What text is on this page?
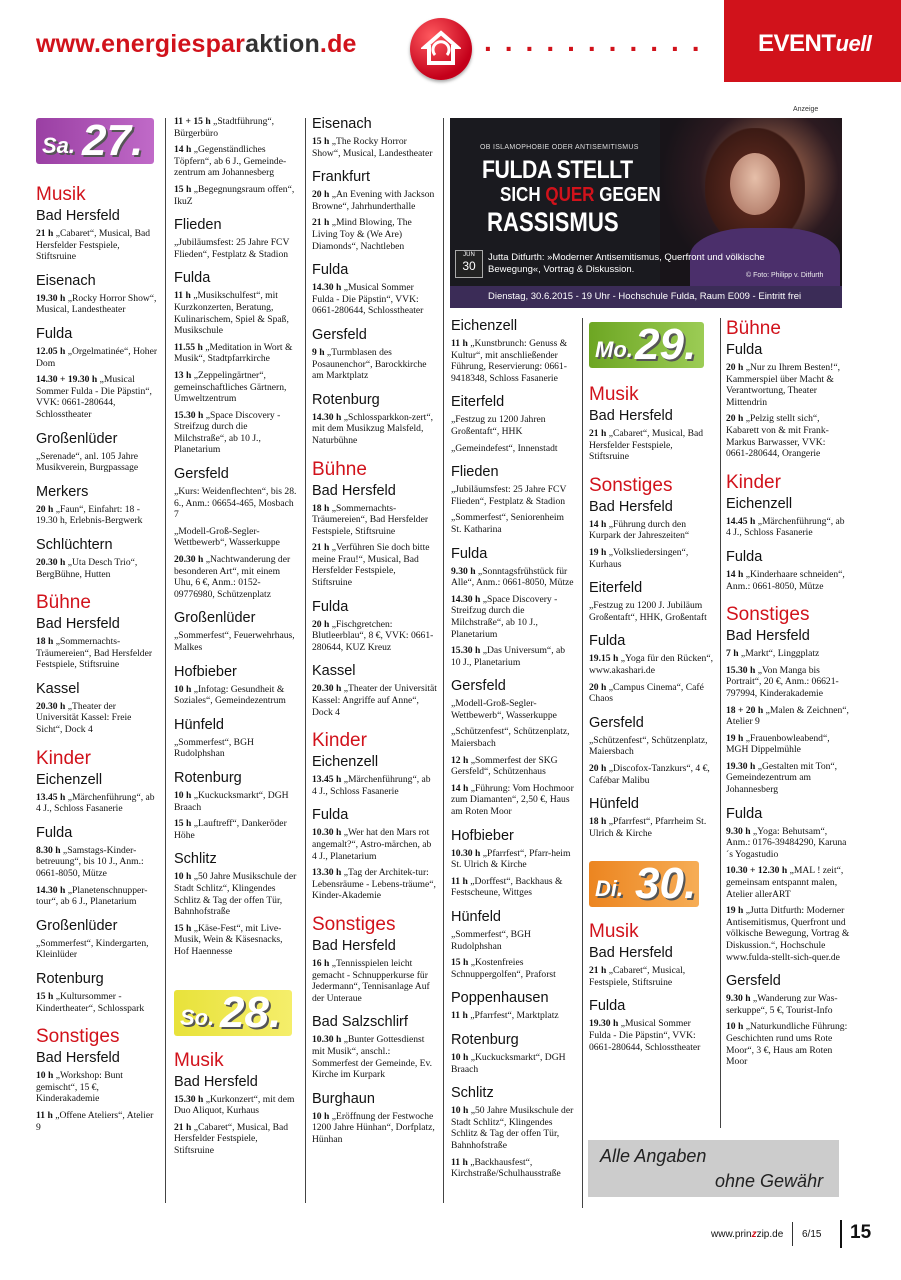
www.energiesparaktion.de	........... EVENTuell
Sa. 27.
Musik
Bad Hersfeld

21 h „Cabaret“, Musical, Bad Hersfelder Festspiele, Stiftsruine

Eisenach

19.30 h „Rocky Horror Show“, Musical, Landestheater

Fulda

12.05 h „Orgelmatinée“, Hoher Dom

14.30 + 19.30 h „Musical Sommer Fulda - Die Päpstin“, VVK: 0661-280644, Schlosstheater

Großenlüder

„Serenade“, anl. 105 Jahre Musikverein, Burgpassage

Merkers

20 h „Faun“, Einfahrt: 18 - 19.30 h, Erlebnis-Bergwerk

Schlüchtern

20.30 h „Uta Desch Trio“, BergBühne, Hutten

Bühne
Bad Hersfeld

18 h „Sommernachts-Träumereien“, Bad Hersfelder Festspiele, Stiftsruine

Kassel

20.30 h „Theater der Universität Kassel: Freie Sicht“, Dock 4

Kinder
Eichenzell

13.45 h „Märchenführung“, ab 4 J., Schloss Fasanerie

Fulda

8.30 h „Samstags-Kinder-betreuung“, bis 10 J., Anm.: 0661-8050, Mütze

14.30 h „Planetenschnupper-tour“, ab 6 J., Planetarium

Großenlüder

„Sommerfest“, Kindergarten, Kleinlüder

Rotenburg

15 h „Kultursommer - Kindertheater“, Schlosspark

Sonstiges
Bad Hersfeld

10 h „Workshop: Bunt gemischt“, 15 €, Kinderakademie

11 h „Offene Ateliers“, Atelier 9

11 + 15 h „Stadtführung“, Bürgerbüro

14 h „Gegenständliches Töpfern“, ab 6 J., Gemeinde-zentrum am Johannesberg

15 h „Begegnungsraum offen“, IkuZ

Flieden

„Jubiläumsfest: 25 Jahre FCV Flieden“, Festplatz & Stadion

Fulda

11 h „Musikschulfest“, mit Kurzkonzerten, Beratung, Kulinarischem, Spiel & Spaß, Musikschule

11.55 h „Meditation in Wort & Musik“, Stadtpfarrkirche

13 h „Zeppelingärtner“, gemeinschaftliches Gärtnern, Umweltzentrum

15.30 h „Space Discovery - Streifzug durch die Milchstraße“, ab 10 J., Planetarium

Gersfeld

„Kurs: Weidenflechten“, bis 28. 6., Anm.: 06654-465, Mosbach 7

„Modell-Groß-Segler-Wettbewerb“, Wasserkuppe

20.30 h „Nachtwanderung der besonderen Art“, mit einem Uhu, 6 €, Anm.: 0152-09776980, Schützenplatz

Großenlüder

„Sommerfest“, Feuerwehrhaus, Malkes

Hofbieber

10 h „Infotag: Gesundheit & Soziales“, Gemeindezentrum

Hünfeld

„Sommerfest“, BGH Rudolphshan

Rotenburg

10 h „Kuckucksmarkt“, DGH Braach

15 h „Lauftreff“, Dankeröder Höhe

Schlitz

10 h „50 Jahre Musikschule der Stadt Schlitz“, Klingendes Schlitz & Tag der offen Tür, Bahnhofstraße

15 h „Käse-Fest“, mit Live-Musik, Wein & Käsesnacks, Hof Haennesse

So. 28.
Musik
Bad Hersfeld

15.30 h „Kurkonzert“, mit dem Duo Aliquot, Kurhaus

21 h „Cabaret“, Musical, Bad Hersfelder Festspiele, Stiftsruine

Eisenach

15 h „The Rocky Horror Show“, Musical, Landestheater

Frankfurt

20 h „An Evening with Jackson Browne“, Jahrhunderthalle

21 h „Mind Blowing, The Living Toy & (We Are) Diamonds“, Nachtleben

Fulda

14.30 h „Musical Sommer Fulda - Die Päpstin“, VVK: 0661-280644, Schlosstheater

Gersfeld

9 h „Turmblasen des Posaunenchor“, Barockkirche am Marktplatz

Rotenburg

14.30 h „Schlossparkkon-zert“, mit dem Musikzug Malsfeld, Naturbühne

Bühne
Bad Hersfeld

18 h „Sommernachts-Träumereien“, Bad Hersfelder Festspiele, Stiftsruine

21 h „Verführen Sie doch bitte meine Frau!“, Musical, Bad Hersfelder Festspiele, Stiftsruine

Fulda

20 h „Fischgretchen: Blutleerblau“, 8 €, VVK: 0661-280644, KUZ Kreuz

Kassel

20.30 h „Theater der Universität Kassel: Angriffe auf Anne“, Dock 4

Kinder
Eichenzell

13.45 h „Märchenführung“, ab 4 J., Schloss Fasanerie

Fulda

10.30 h „Wer hat den Mars rot angemalt?“, Astro-märchen, ab 4 J., Planetarium

13.30 h „Tag der Architek-tur: Lebensräume - Lebens-träume“, Kinder-Akademie

Sonstiges
Bad Hersfeld

16 h „Tennisspielen leicht gemacht - Schnupperkurse für Jedermann“, Tennisanlage Auf der Unteraue

Bad Salzschlirf

10.30 h „Bunter Gottesdienst mit Musik“, anschl.: Sommerfest der Gemeinde, Ev. Kirche im Kurpark

Burghaun

10 h „Eröffnung der Festwoche 1200 Jahre Hünhan“, Dorfplatz, Hünhan

Anzeige
OB ISLAMOPHOBIE ODER ANTISEMITISMUS
FULDA STELLT
SICH QUER GEGEN
RASSISMUS
JUN
30
Jutta Ditfurth: »Moderner Antisemitismus, Querfront und völkische Bewegung«, Vortrag & Diskussion.
© Foto: Philipp v. Ditfurth
Dienstag, 30.6.2015 - 19 Uhr - Hochschule Fulda, Raum E009 - Eintritt frei
Eichenzell

11 h „Kunstbrunch: Genuss & Kultur“, mit anschließender Führung, Reservierung: 0661-9418348, Schloss Fasanerie

Eiterfeld

„Festzug zu 1200 Jahren Großentaft“, HHK

„Gemeindefest“, Innenstadt

Flieden

„Jubiläumsfest: 25 Jahre FCV Flieden“, Festplatz & Stadion

„Sommerfest“, Seniorenheim St. Katharina

Fulda

9.30 h „Sonntagsfrühstück für Alle“, Anm.: 0661-8050, Mütze

14.30 h „Space Discovery - Streifzug durch die Milchstraße“, ab 10 J., Planetarium

15.30 h „Das Universum“, ab 10 J., Planetarium

Gersfeld

„Modell-Groß-Segler-Wettbewerb“, Wasserkuppe

„Schützenfest“, Schützenplatz, Maiersbach

12 h „Sommerfest der SKG Gersfeld“, Schützenhaus

14 h „Führung: Vom Hochmoor zum Diamanten“, 2,50 €, Haus am Roten Moor

Hofbieber

10.30 h „Pfarrfest“, Pfarr-heim St. Ulrich & Kirche

11 h „Dorffest“, Backhaus & Festscheune, Wittges

Hünfeld

„Sommerfest“, BGH Rudolphshan

15 h „Kostenfreies Schnuppergolfen“, Praforst

Poppenhausen

11 h „Pfarrfest“, Marktplatz

Rotenburg

10 h „Kuckucksmarkt“, DGH Braach

Schlitz

10 h „50 Jahre Musikschule der Stadt Schlitz“, Klingendes Schlitz & Tag der offen Tür, Bahnhofstraße

11 h „Backhausfest“, Kirchstraße/Schulhausstraße

Mo. 29.
Musik
Bad Hersfeld

21 h „Cabaret“, Musical, Bad Hersfelder Festspiele, Stiftsruine

Sonstiges
Bad Hersfeld

14 h „Führung durch den Kurpark der Jahreszeiten“

19 h „Volksliedersingen“, Kurhaus

Eiterfeld

„Festzug zu 1200 J. Jubiläum Großentaft“, HHK, Großentaft

Fulda

19.15 h „Yoga für den Rücken“, www.akashari.de

20 h „Campus Cinema“, Café Chaos

Gersfeld

„Schützenfest“, Schützenplatz, Maiersbach

20 h „Discofox-Tanzkurs“, 4 €, Cafébar Malibu

Hünfeld

18 h „Pfarrfest“, Pfarrheim St. Ulrich & Kirche

Di. 30.
Musik
Bad Hersfeld

21 h „Cabaret“, Musical, Festspiele, Stiftsruine

Fulda

19.30 h „Musical Sommer Fulda - Die Päpstin“, VVK: 0661-280644, Schlosstheater

Bühne
Fulda

20 h „Nur zu Ihrem Besten!“, Kammerspiel über Macht & Verantwortung, Theater Mittendrin

20 h „Pelzig stellt sich“, Kabarett von & mit Frank-Markus Barwasser, VVK: 0661-280644, Orangerie

Kinder
Eichenzell

14.45 h „Märchenführung“, ab 4 J., Schloss Fasanerie

Fulda

14 h „Kinderhaare schneiden“, Anm.: 0661-8050, Mütze

Sonstiges
Bad Hersfeld

7 h „Markt“, Linggplatz

15.30 h „Von Manga bis Portrait“, 20 €, Anm.: 06621-797994, Kinderakademie

18 + 20 h „Malen & Zeichnen“, Atelier 9

19 h „Frauenbowleabend“, MGH Dippelmühle

19.30 h „Gestalten mit Ton“, Gemeindezentrum am Johannesberg

Fulda

9.30 h „Yoga: Behutsam“, Anm.: 0176-39484290, Karuna´s Yogastudio

10.30 + 12.30 h „MAL ! zeit“, gemeinsam entspannt malen, Atelier allerART

19 h „Jutta Ditfurth: Moderner Antisemitismus, Querfront und völkische Bewegung, Vortrag & Diskussion.“, Hochschule www.fulda-stellt-sich-quer.de

Gersfeld

9.30 h „Wanderung zur Was-serkuppe“, 5 €, Tourist-Info

10 h „Naturkundliche Führung: Geschichten rund ums Rote Moor“, 3 €, Haus am Roten Moor

Alle Angaben
ohne Gewähr
www.prinzzip.de 6/15 15
